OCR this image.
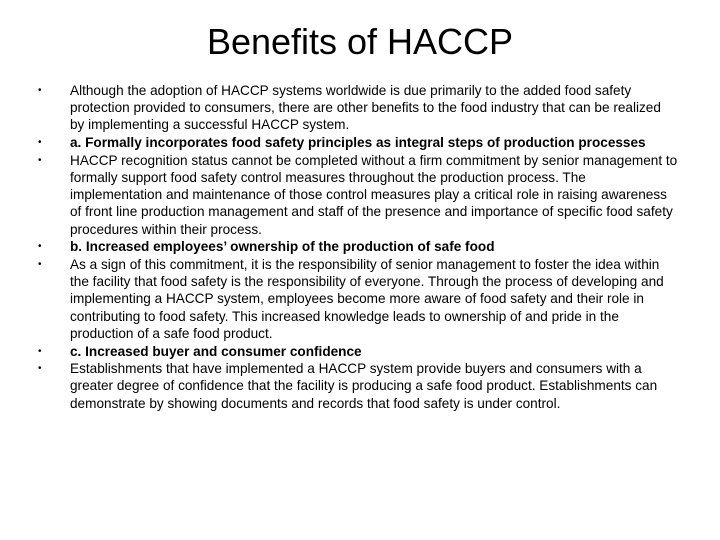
Benefits of HACCP
• Although the adoption of HACCP systems worldwide is due primarily to the added food safety protection provided to consumers, there are other benefits to the food industry that can be realized by implementing a successful HACCP system.
• a. Formally incorporates food safety principles as integral steps of production processes
• HACCP recognition status cannot be completed without a firm commitment by senior management to formally support food safety control measures throughout the production process. The implementation and maintenance of those control measures play a critical role in raising awareness of front line production management and staff of the presence and importance of specific food safety procedures within their process.
• b. Increased employees’ ownership of the production of safe food
• As a sign of this commitment, it is the responsibility of senior management to foster the idea within the facility that food safety is the responsibility of everyone. Through the process of developing and implementing a HACCP system, employees become more aware of food safety and their role in contributing to food safety. This increased knowledge leads to ownership of and pride in the production of a safe food product.
• c. Increased buyer and consumer confidence
• Establishments that have implemented a HACCP system provide buyers and consumers with a greater degree of confidence that the facility is producing a safe food product. Establishments can demonstrate by showing documents and records that food safety is under control.
